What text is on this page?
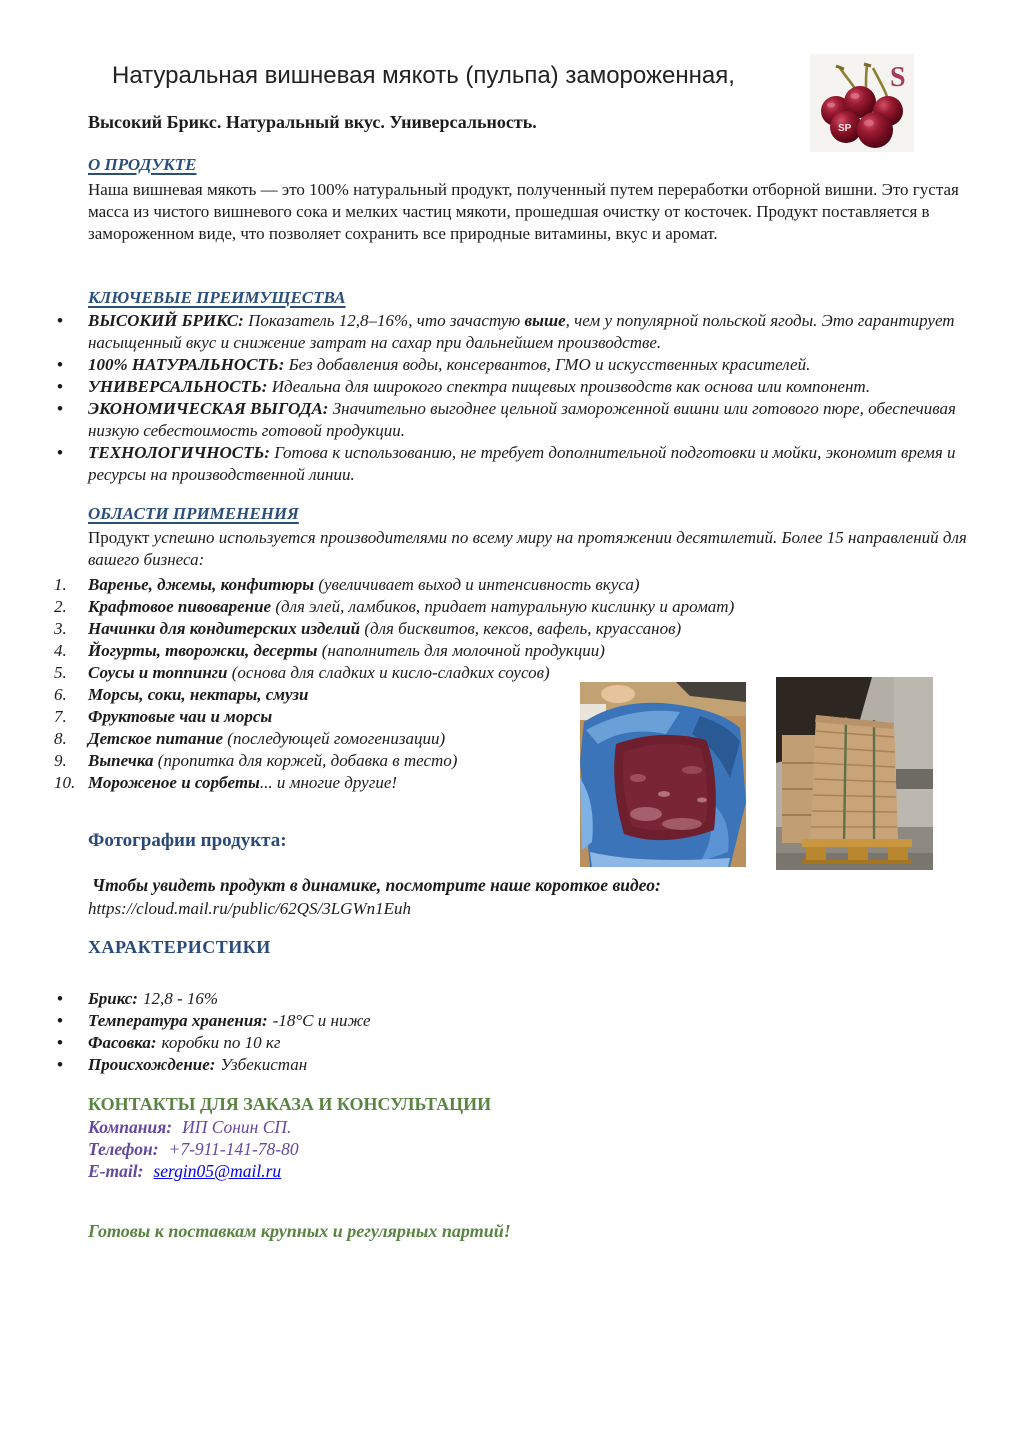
Натуральная вишневая мякоть (пульпа) замороженная,
SP
S
Высокий Брикс. Натуральный вкус. Универсальность.
О ПРОДУКТЕ
Наша вишневая мякоть — это 100% натуральный продукт, полученный путем переработки отборной вишни. Это густая масса из чистого вишневого сока и мелких частиц мякоти, прошедшая очистку от косточек. Продукт поставляется в замороженном виде, что позволяет сохранить все природные витамины, вкус и аромат.
КЛЮЧЕВЫЕ ПРЕИМУЩЕСТВА
• ВЫСОКИЙ БРИКС: Показатель 12,8–16%, что зачастую выше, чем у популярной польской ягоды. Это гарантирует насыщенный вкус и снижение затрат на сахар при дальнейшем производстве.
• 100% НАТУРАЛЬНОСТЬ: Без добавления воды, консервантов, ГМО и искусственных красителей.
• УНИВЕРСАЛЬНОСТЬ: Идеальна для широкого спектра пищевых производств как основа или компонент.
• ЭКОНОМИЧЕСКАЯ ВЫГОДА: Значительно выгоднее цельной замороженной вишни или готового пюре, обеспечивая низкую себестоимость готовой продукции.
• ТЕХНОЛОГИЧНОСТЬ: Готова к использованию, не требует дополнительной подготовки и мойки, экономит время и ресурсы на производственной линии.
ОБЛАСТИ ПРИМЕНЕНИЯ
Продукт успешно используется производителями по всему миру на протяжении десятилетий. Более 15 направлений для вашего бизнеса:
1.	Варенье, джемы, конфитюры (увеличивает выход и интенсивность вкуса)
2.	Крафтовое пивоварение (для элей, ламбиков, придает натуральную кислинку и аромат)
3.	Начинки для кондитерских изделий (для бисквитов, кексов, вафель, круассанов)
4.	Йогурты, творожки, десерты (наполнитель для молочной продукции)
5.	Соусы и топпинги (основа для сладких и кисло-сладких соусов)
6.	Морсы, соки, нектары, смузи
7.	Фруктовые чаи и морсы
8.	Детское питание (последующей гомогенизации)
9.	Выпечка (пропитка для коржей, добавка в тесто)
10. Мороженое и сорбеты... и многие другие!
Фотографии продукта:
Чтобы увидеть продукт в динамике, посмотрите наше короткое видео:
https://cloud.mail.ru/public/62QS/3LGWn1Euh
ХАРАКТЕРИСТИКИ
• Брикс: 12,8 - 16%
• Температура хранения: -18°C и ниже
• Фасовка: коробки по 10 кг
• Происхождение: Узбекистан
КОНТАКТЫ ДЛЯ ЗАКАЗА И КОНСУЛЬТАЦИИ
Компания: ИП Сонин СП.
Телефон: +7-911-141-78-80
E-mail: sergin05@mail.ru
Готовы к поставкам крупных и регулярных партий!
